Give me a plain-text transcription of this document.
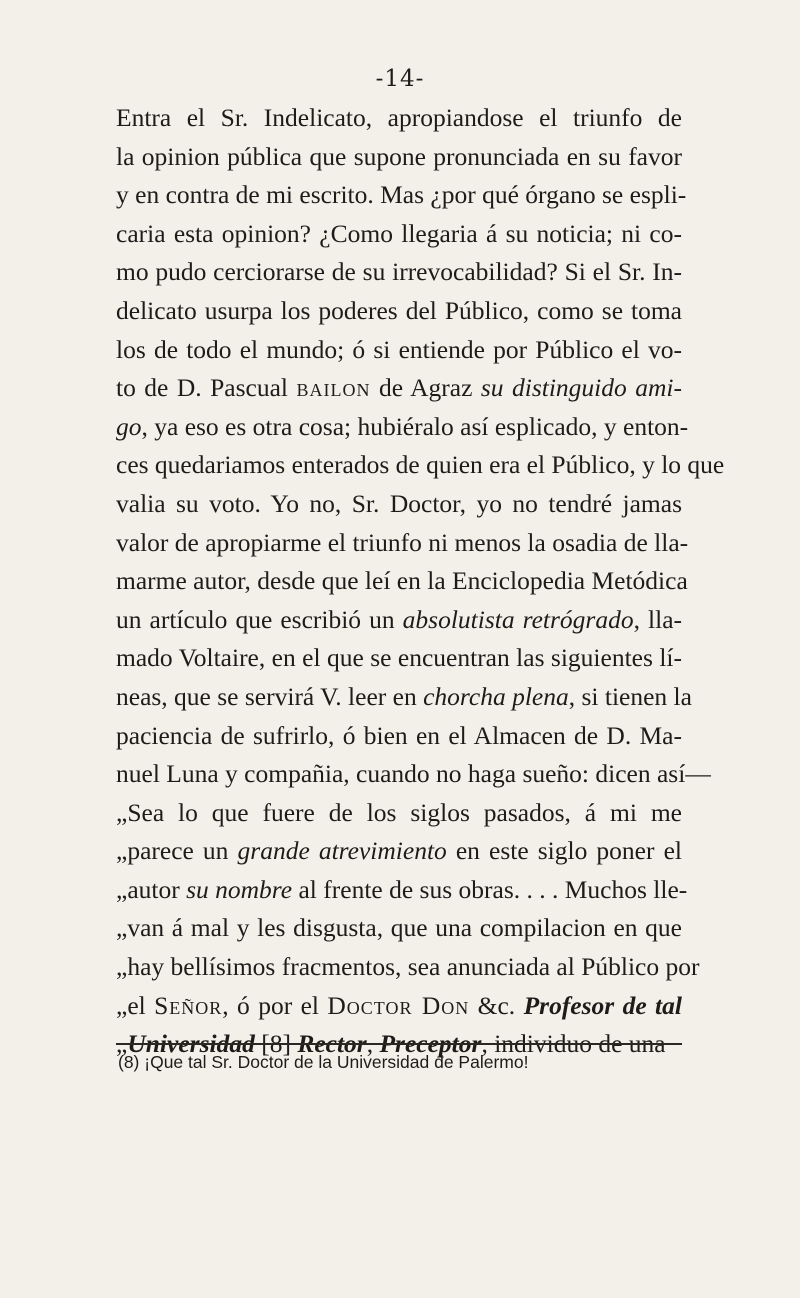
-14-
Entra el Sr. Indelicato, apropiandose el triunfo de
la opinion pública que supone pronunciada en su favor
y en contra de mi escrito. Mas ¿por qué órgano se espli-
caria esta opinion? ¿Como llegaria á su noticia; ni co-
mo pudo cerciorarse de su irrevocabilidad? Si el Sr. In-
delicato usurpa los poderes del Público, como se toma
los de todo el mundo; ó si entiende por Público el vo-
to de D. Pascual bailon de Agraz su distinguido ami-
go, ya eso es otra cosa; hubiéralo así esplicado, y enton-
ces quedariamos enterados de quien era el Público, y lo que
valia su voto. Yo no, Sr. Doctor, yo no tendré jamas
valor de apropiarme el triunfo ni menos la osadia de lla-
marme autor, desde que leí en la Enciclopedia Metódica
un artículo que escribió un absolutista retrógrado, lla-
mado Voltaire, en el que se encuentran las siguientes lí-
neas, que se servirá V. leer en chorcha plena, si tienen la
paciencia de sufrirlo, ó bien en el Almacen de D. Ma-
nuel Luna y compañia, cuando no haga sueño: dicen así—
„Sea lo que fuere de los siglos pasados, á mi me
„parece un grande atrevimiento en este siglo poner el
„autor su nombre al frente de sus obras. . . . Muchos lle-
„van á mal y les disgusta, que una compilacion en que
„hay bellísimos fracmentos, sea anunciada al Público por
„el Señor, ó por el Doctor Don &c. Profesor de tal
„Universidad [8] Rector, Preceptor, individuo de una
(8) ¡Que tal Sr. Doctor de la Universidad de Palermo!
